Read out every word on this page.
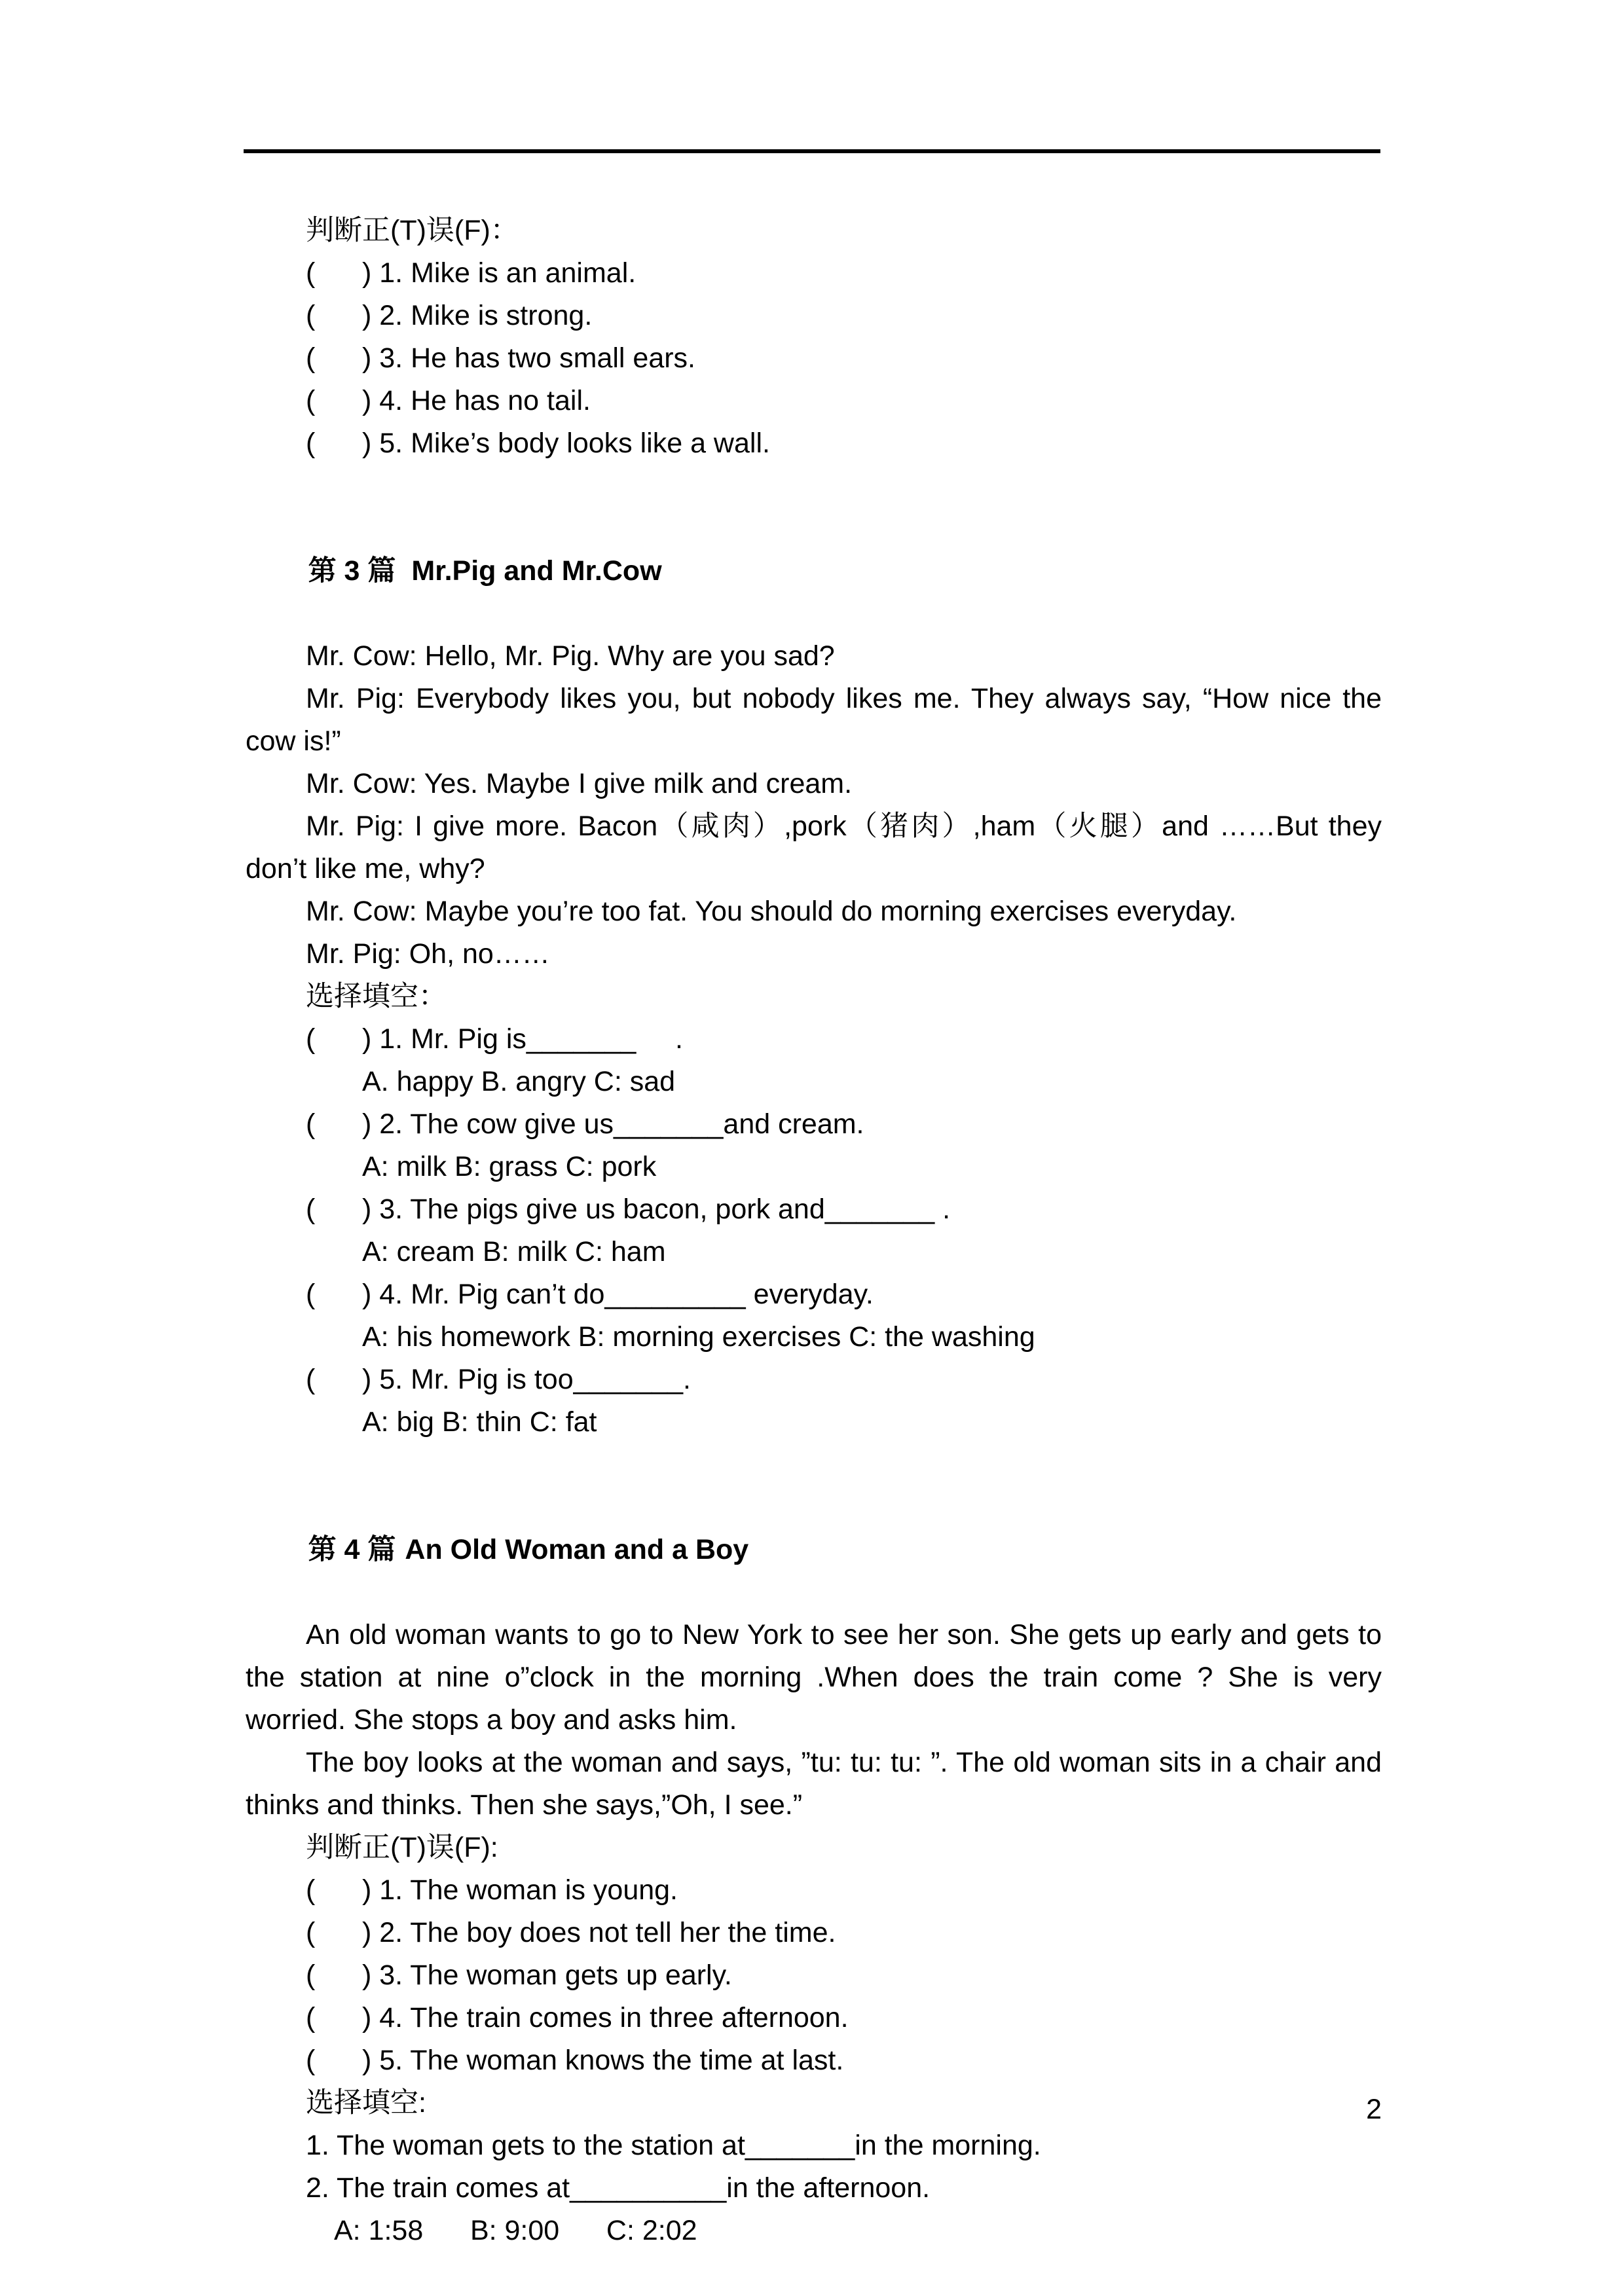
判断正(T)误(F)：
(      ) 1. Mike is an animal.
(      ) 2. Mike is strong.
(      ) 3. He has two small ears.
(      ) 4. He has no tail.
(      ) 5. Mike’s body looks like a wall.

第 3 篇 Mr.Pig and Mr.Cow

Mr. Cow: Hello, Mr. Pig. Why are you sad?
Mr. Pig: Everybody likes you, but nobody likes me. They always say, “How nice the
cow is!”
Mr. Cow: Yes. Maybe I give milk and cream.
Mr. Pig: I give more. Bacon（咸肉）,pork（猪肉）,ham（火腿）and ……But they
don’t like me, why?
Mr. Cow: Maybe you’re too fat. You should do morning exercises everyday.
Mr. Pig: Oh, no……
选择填空：
(      ) 1. Mr. Pig is_______     .
A. happy B. angry C: sad
(      ) 2. The cow give us_______and cream.
A: milk B: grass C: pork
(      ) 3. The pigs give us bacon, pork and_______ .
A: cream B: milk C: ham
(      ) 4. Mr. Pig can’t do_________ everyday.
A: his homework B: morning exercises C: the washing
(      ) 5. Mr. Pig is too_______.
A: big B: thin C: fat

第 4 篇 An Old Woman and a Boy

An old woman wants to go to New York to see her son. She gets up early and gets to
the station at nine o”clock in the morning .When does the train come ? She is very
worried. She stops a boy and asks him.
The boy looks at the woman and says, ”tu: tu: tu: ”. The old woman sits in a chair and
thinks and thinks. Then she says,”Oh, I see.”
判断正(T)误(F):
(      ) 1. The woman is young.
(      ) 2. The boy does not tell her the time.
(      ) 3. The woman gets up early.
(      ) 4. The train comes in three afternoon.
(      ) 5. The woman knows the time at last.
选择填空:
1. The woman gets to the station at_______in the morning.
2. The train comes at__________in the afternoon.
A: 1:58      B: 9:00      C: 2:02
2
